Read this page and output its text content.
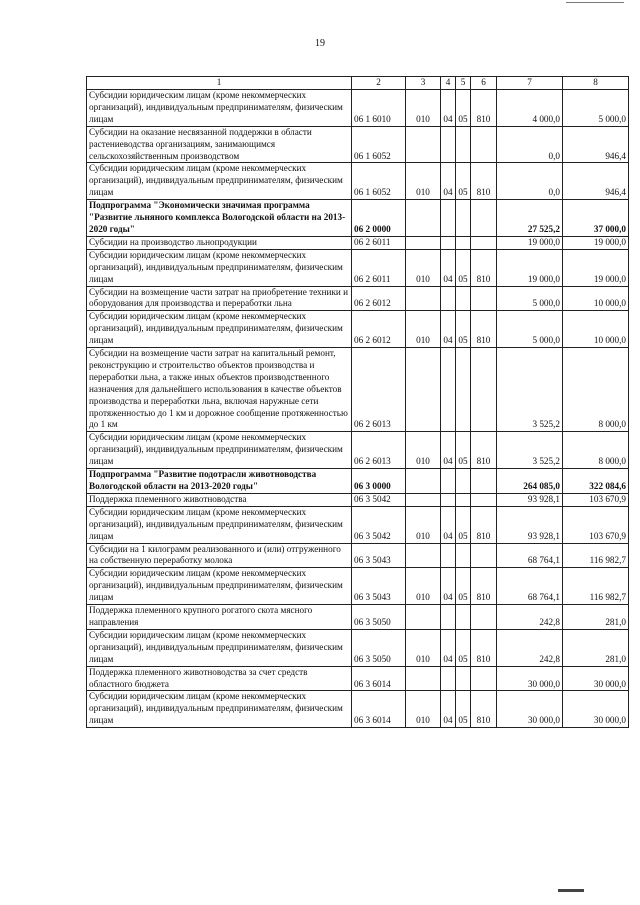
19
1	2	3	4	5	6	7	8
Субсидии юридическим лицам (кроме некоммерческих организаций), индивидуальным предпринимателям, физическим лицам	06 1 6010	010	04	05	810	4 000,0	5 000,0
Субсидии на оказание несвязанной поддержки в области растениеводства организациям, занимающимся сельскохозяйственным производством	06 1 6052					0,0	946,4
Субсидии юридическим лицам (кроме некоммерческих организаций), индивидуальным предпринимателям, физическим лицам	06 1 6052	010	04	05	810	0,0	946,4
Подпрограмма "Экономически значимая программа "Развитие льняного комплекса Вологодской области на 2013-2020 годы"	06 2 0000					27 525,2	37 000,0
Субсидии на производство льнопродукции	06 2 6011					19 000,0	19 000,0
Субсидии юридическим лицам (кроме некоммерческих организаций), индивидуальным предпринимателям, физическим лицам	06 2 6011	010	04	05	810	19 000,0	19 000,0
Субсидии на возмещение части затрат на приобретение техники и оборудования для производства и переработки льна	06 2 6012					5 000,0	10 000,0
Субсидии юридическим лицам (кроме некоммерческих организаций), индивидуальным предпринимателям, физическим лицам	06 2 6012	010	04	05	810	5 000,0	10 000,0
Субсидии на возмещение части затрат на капитальный ремонт, реконструкцию и строительство объектов производства и переработки льна, а также иных объектов производственного назначения для дальнейшего использования в качестве объектов производства и переработки льна, включая наружные сети протяженностью до 1 км и дорожное сообщение протяженностью до 1 км	06 2 6013					3 525,2	8 000,0
Субсидии юридическим лицам (кроме некоммерческих организаций), индивидуальным предпринимателям, физическим лицам	06 2 6013	010	04	05	810	3 525,2	8 000,0
Подпрограмма "Развитие подотрасли животноводства Вологодской области на 2013-2020 годы"	06 3 0000					264 085,0	322 084,6
Поддержка племенного животноводства	06 3 5042					93 928,1	103 670,9
Субсидии юридическим лицам (кроме некоммерческих организаций), индивидуальным предпринимателям, физическим лицам	06 3 5042	010	04	05	810	93 928,1	103 670,9
Субсидии на 1 килограмм реализованного и (или) отгруженного на собственную переработку молока	06 3 5043					68 764,1	116 982,7
Субсидии юридическим лицам (кроме некоммерческих организаций), индивидуальным предпринимателям, физическим лицам	06 3 5043	010	04	05	810	68 764,1	116 982,7
Поддержка племенного крупного рогатого скота мясного направления	06 3 5050					242,8	281,0
Субсидии юридическим лицам (кроме некоммерческих организаций), индивидуальным предпринимателям, физическим лицам	06 3 5050	010	04	05	810	242,8	281,0
Поддержка племенного животноводства за счет средств областного бюджета	06 3 6014					30 000,0	30 000,0
Субсидии юридическим лицам (кроме некоммерческих организаций), индивидуальным предпринимателям, физическим лицам	06 3 6014	010	04	05	810	30 000,0	30 000,0
